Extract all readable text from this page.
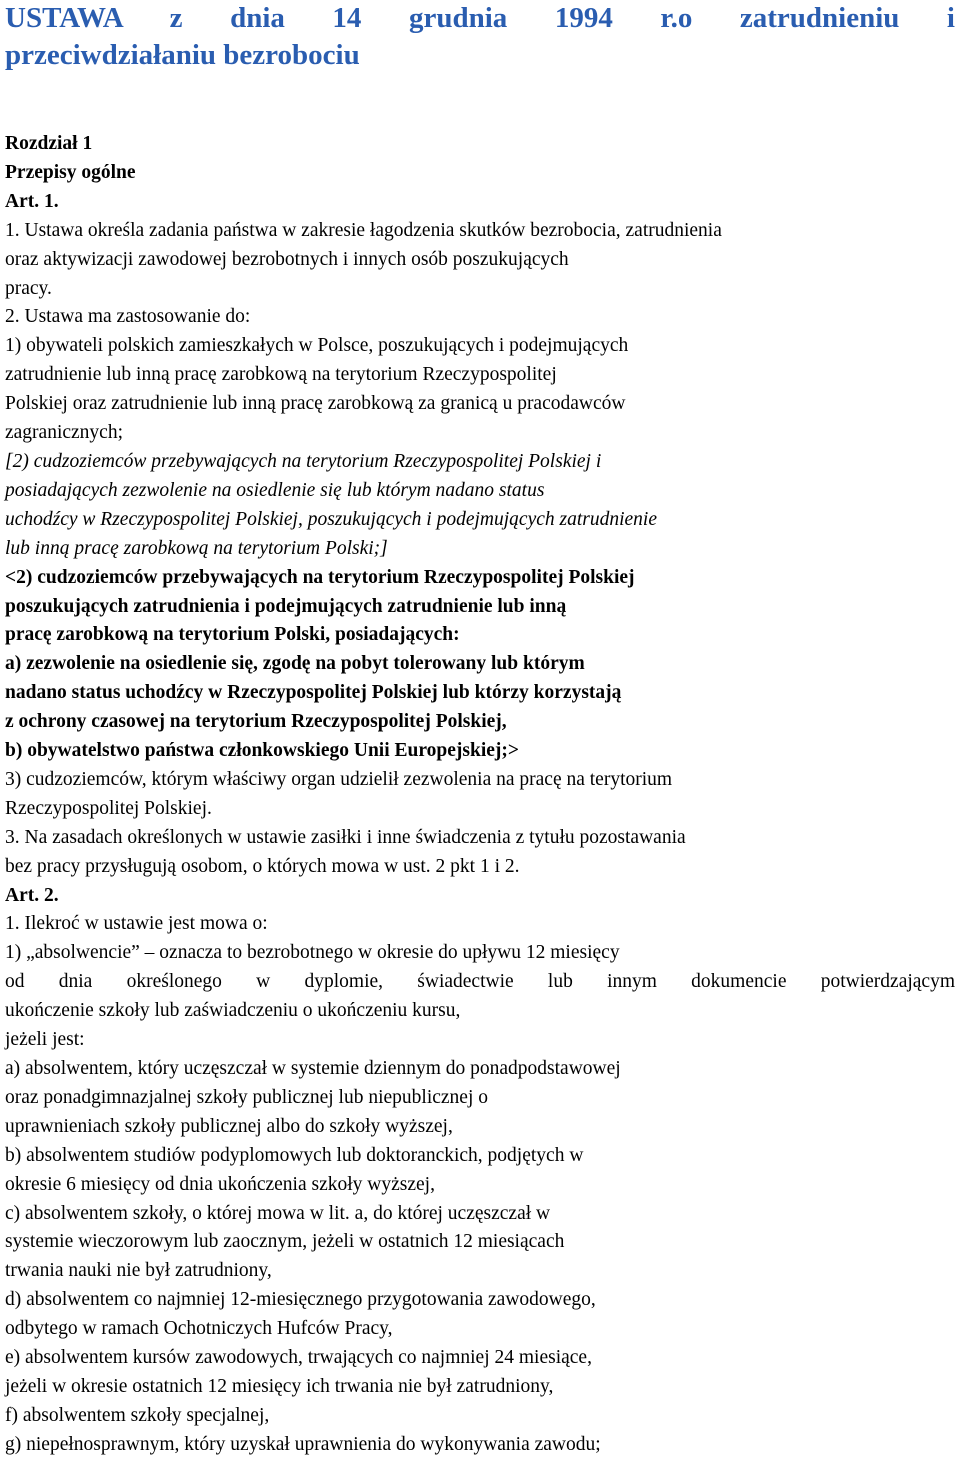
USTAWA z dnia 14 grudnia 1994 r.o zatrudnieniu i
przeciwdziałaniu bezrobociu
Rozdział 1
Przepisy ogólne
Art. 1.
1. Ustawa określa zadania państwa w zakresie łagodzenia skutków bezrobocia, zatrudnienia
oraz aktywizacji zawodowej bezrobotnych i innych osób poszukujących
pracy.
2. Ustawa ma zastosowanie do:
1) obywateli polskich zamieszkałych w Polsce, poszukujących i podejmujących
zatrudnienie lub inną pracę zarobkową na terytorium Rzeczypospolitej
Polskiej oraz zatrudnienie lub inną pracę zarobkową za granicą u pracodawców
zagranicznych;
[2) cudzoziemców przebywających na terytorium Rzeczypospolitej Polskiej i
posiadających zezwolenie na osiedlenie się lub którym nadano status
uchodźcy w Rzeczypospolitej Polskiej, poszukujących i podejmujących zatrudnienie
lub inną pracę zarobkową na terytorium Polski;]
<2) cudzoziemców przebywających na terytorium Rzeczypospolitej Polskiej
poszukujących zatrudnienia i podejmujących zatrudnienie lub inną
pracę zarobkową na terytorium Polski, posiadających:
a) zezwolenie na osiedlenie się, zgodę na pobyt tolerowany lub którym
nadano status uchodźcy w Rzeczypospolitej Polskiej lub którzy korzystają
z ochrony czasowej na terytorium Rzeczypospolitej Polskiej,
b) obywatelstwo państwa członkowskiego Unii Europejskiej;>
3) cudzoziemców, którym właściwy organ udzielił zezwolenia na pracę na terytorium
Rzeczypospolitej Polskiej.
3. Na zasadach określonych w ustawie zasiłki i inne świadczenia z tytułu pozostawania
bez pracy przysługują osobom, o których mowa w ust. 2 pkt 1 i 2.
Art. 2.
1. Ilekroć w ustawie jest mowa o:
1) „absolwencie” – oznacza to bezrobotnego w okresie do upływu 12 miesięcy
od dnia określonego w dyplomie, świadectwie lub innym dokumencie potwierdzającym
ukończenie szkoły lub zaświadczeniu o ukończeniu kursu,
jeżeli jest:
a) absolwentem, który uczęszczał w systemie dziennym do ponadpodstawowej
oraz ponadgimnazjalnej szkoły publicznej lub niepublicznej o
uprawnieniach szkoły publicznej albo do szkoły wyższej,
b) absolwentem studiów podyplomowych lub doktoranckich, podjętych w
okresie 6 miesięcy od dnia ukończenia szkoły wyższej,
c) absolwentem szkoły, o której mowa w lit. a, do której uczęszczał w
systemie wieczorowym lub zaocznym, jeżeli w ostatnich 12 miesiącach
trwania nauki nie był zatrudniony,
d) absolwentem co najmniej 12-miesięcznego przygotowania zawodowego,
odbytego w ramach Ochotniczych Hufców Pracy,
e) absolwentem kursów zawodowych, trwających co najmniej 24 miesiące,
jeżeli w okresie ostatnich 12 miesięcy ich trwania nie był zatrudniony,
f) absolwentem szkoły specjalnej,
g) niepełnosprawnym, który uzyskał uprawnienia do wykonywania zawodu;
